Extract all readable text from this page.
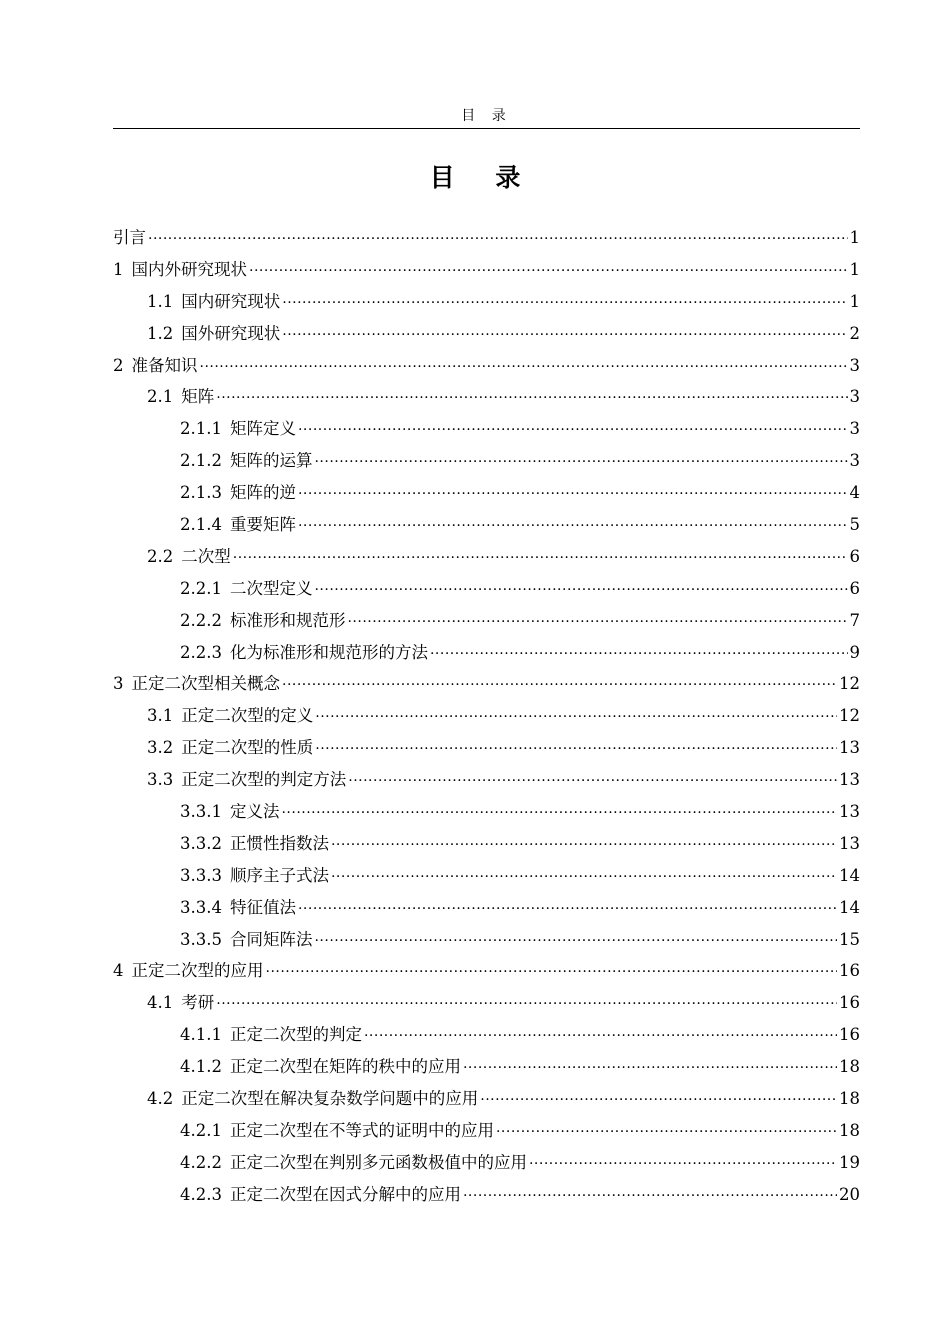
目 录
目 录
引言 .....	1
1 国内外研究现状 .....	1
1.1 国内研究现状 .....	1
1.2 国外研究现状 .....	2
2 准备知识 .....	3
2.1 矩阵 .....	3
2.1.1 矩阵定义 .....	3
2.1.2 矩阵的运算 .....	3
2.1.3 矩阵的逆 .....	4
2.1.4 重要矩阵 .....	5
2.2 二次型 .....	6
2.2.1 二次型定义 .....	6
2.2.2 标准形和规范形 .....	7
2.2.3 化为标准形和规范形的方法 .....	9
3 正定二次型相关概念 .....	12
3.1 正定二次型的定义 .....	12
3.2 正定二次型的性质 .....	13
3.3 正定二次型的判定方法 .....	13
3.3.1 定义法 .....	13
3.3.2 正惯性指数法 .....	13
3.3.3 顺序主子式法 .....	14
3.3.4 特征值法 .....	14
3.3.5 合同矩阵法 .....	15
4 正定二次型的应用 .....	16
4.1 考研 .....	16
4.1.1 正定二次型的判定 .....	16
4.1.2 正定二次型在矩阵的秩中的应用 .....	18
4.2 正定二次型在解决复杂数学问题中的应用 .....	18
4.2.1 正定二次型在不等式的证明中的应用 .....	18
4.2.2 正定二次型在判别多元函数极值中的应用 .....	19
4.2.3 正定二次型在因式分解中的应用 .....	20
